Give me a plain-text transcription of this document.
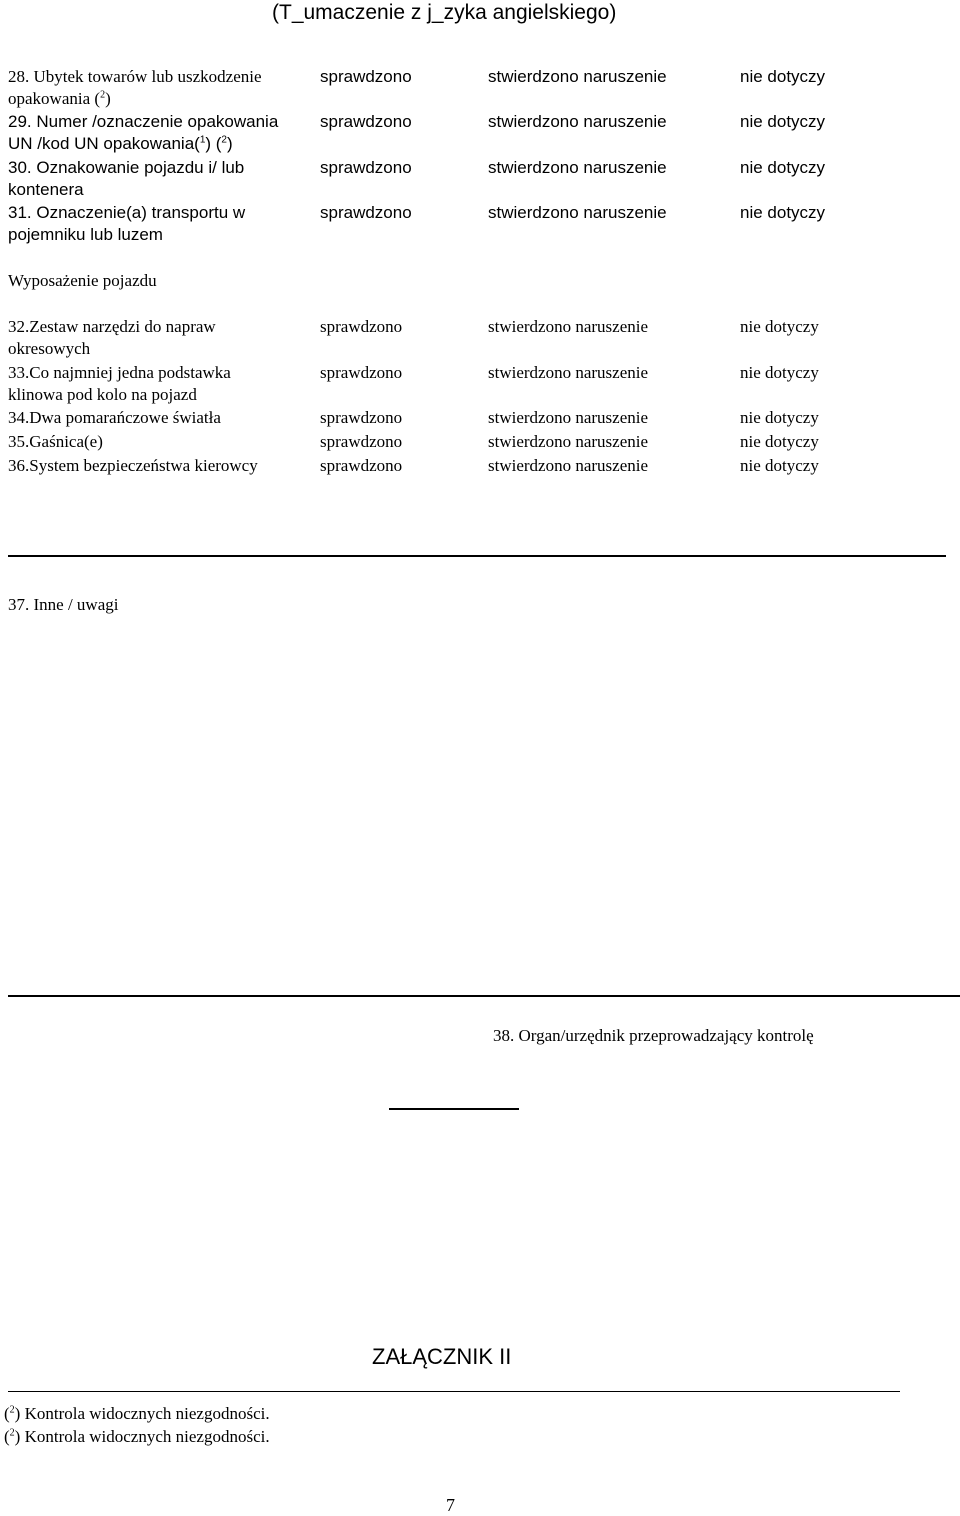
(T_umaczenie z j_zyka angielskiego)
28. Ubytek towarów lub uszkodzenie
opakowania ($^2$)
sprawdzono	stwierdzono naruszenie	nie dotyczy
29. Numer /oznaczenie opakowania
UN /kod UN opakowania($^1$) ($^2$)
sprawdzono	stwierdzono naruszenie	nie dotyczy
30. Oznakowanie pojazdu i/ lub
kontenera
sprawdzono	stwierdzono naruszenie	nie dotyczy
31. Oznaczenie(a) transportu w
pojemniku lub luzem
sprawdzono	stwierdzono naruszenie	nie dotyczy
Wyposażenie pojazdu
32.Zestaw narzędzi do napraw
okresowych
sprawdzono	stwierdzono naruszenie	nie dotyczy
33.Co najmniej jedna podstawka
klinowa pod kolo na pojazd
sprawdzono	stwierdzono naruszenie	nie dotyczy
34.Dwa pomarańczowe światła	sprawdzono	stwierdzono naruszenie	nie dotyczy
35.Gaśnica(e)	sprawdzono	stwierdzono naruszenie	nie dotyczy
36.System bezpieczeństwa kierowcy	sprawdzono	stwierdzono naruszenie	nie dotyczy
37. Inne / uwagi
38. Organ/urzędnik przeprowadzający kontrolę
ZAŁĄCZNIK II
($^2$) Kontrola widocznych niezgodności.
($^2$) Kontrola widocznych niezgodności.
7
